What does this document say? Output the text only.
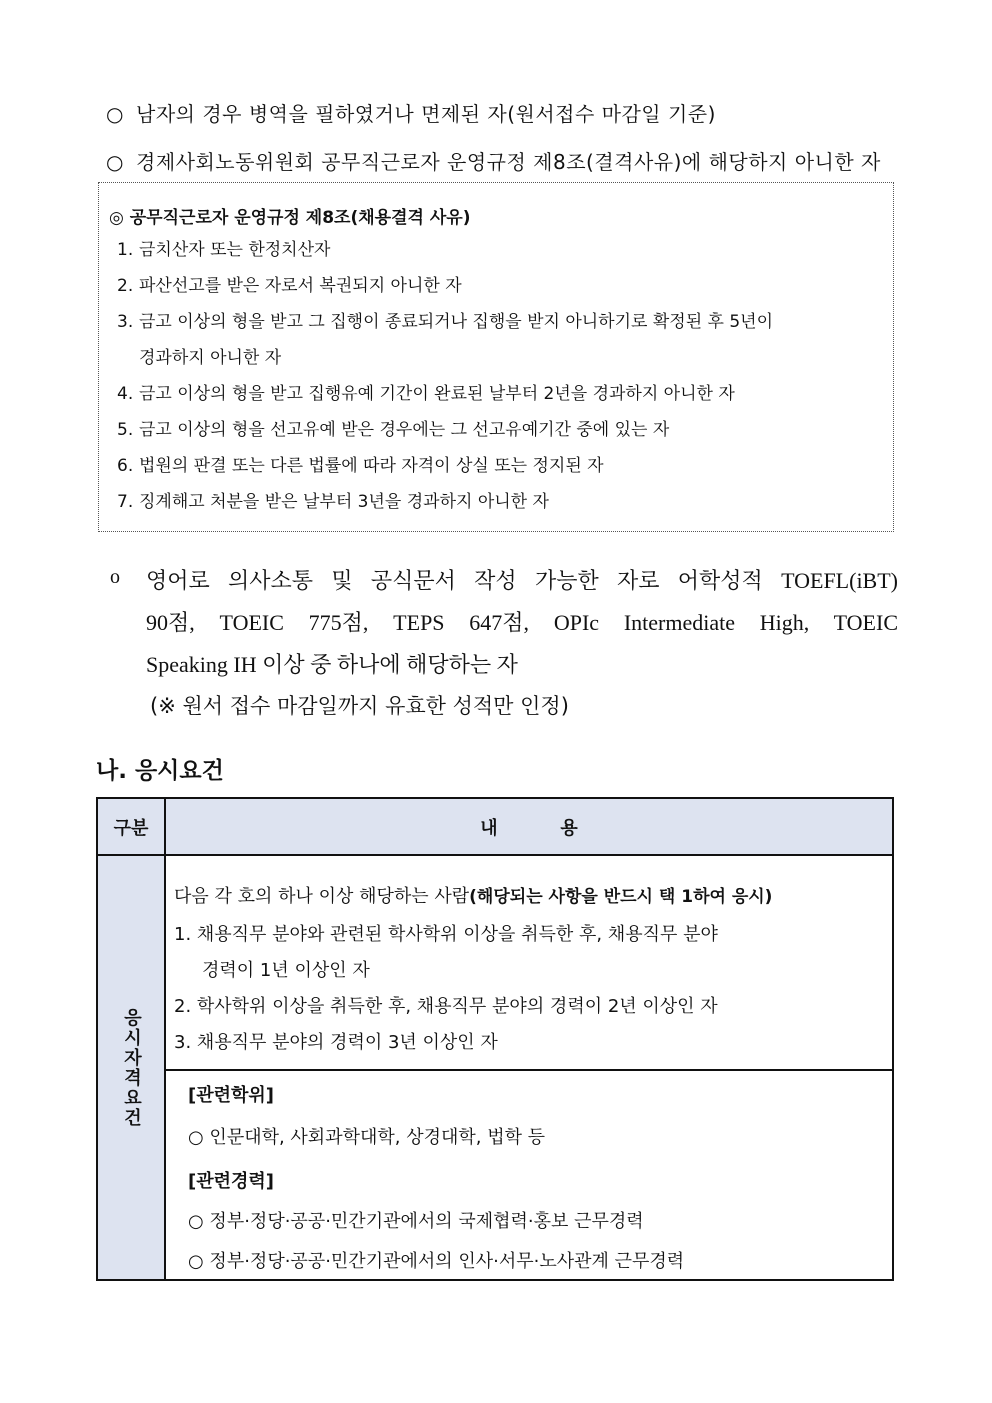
○ 남자의 경우 병역을 필하였거나 면제된 자(원서접수 마감일 기준)
○ 경제사회노동위원회 공무직근로자 운영규정 제8조(결격사유)에 해당하지 아니한 자
◎ 공무직근로자 운영규정 제8조(채용결격 사유)
1. 금치산자 또는 한정치산자
2. 파산선고를 받은 자로서 복권되지 아니한 자
3. 금고 이상의 형을 받고 그 집행이 종료되거나 집행을 받지 아니하기로 확정된 후 5년이
경과하지 아니한 자
4. 금고 이상의 형을 받고 집행유예 기간이 완료된 날부터 2년을 경과하지 아니한 자
5. 금고 이상의 형을 선고유예 받은 경우에는 그 선고유예기간 중에 있는 자
6. 법원의 판결 또는 다른 법률에 따라 자격이 상실 또는 정지된 자
7. 징계해고 처분을 받은 날부터 3년을 경과하지 아니한 자
o 영어로 의사소통 및 공식문서 작성 가능한 자로 어학성적 TOEFL(iBT)
90점, TOEIC 775점, TEPS 647점, OPIc Intermediate High, TOEIC
Speaking IH 이상 중 하나에 해당하는 자
(※ 원서 접수 마감일까지 유효한 성적만 인정)
나. 응시요건
구분	내          용
응시자격요건	다음 각 호의 하나 이상 해당하는 사람(해당되는 사항을 반드시 택 1하여 응시)
1. 채용직무 분야와 관련된 학사학위 이상을 취득한 후, 채용직무 분야
경력이 1년 이상인 자
2. 학사학위 이상을 취득한 후, 채용직무 분야의 경력이 2년 이상인 자
3. 채용직무 분야의 경력이 3년 이상인 자

	[관련학위]
○ 인문대학, 사회과학대학, 상경대학, 법학 등
[관련경력]
○ 정부·정당·공공·민간기관에서의 국제협력·홍보 근무경력
○ 정부·정당·공공·민간기관에서의 인사·서무·노사관계 근무경력
